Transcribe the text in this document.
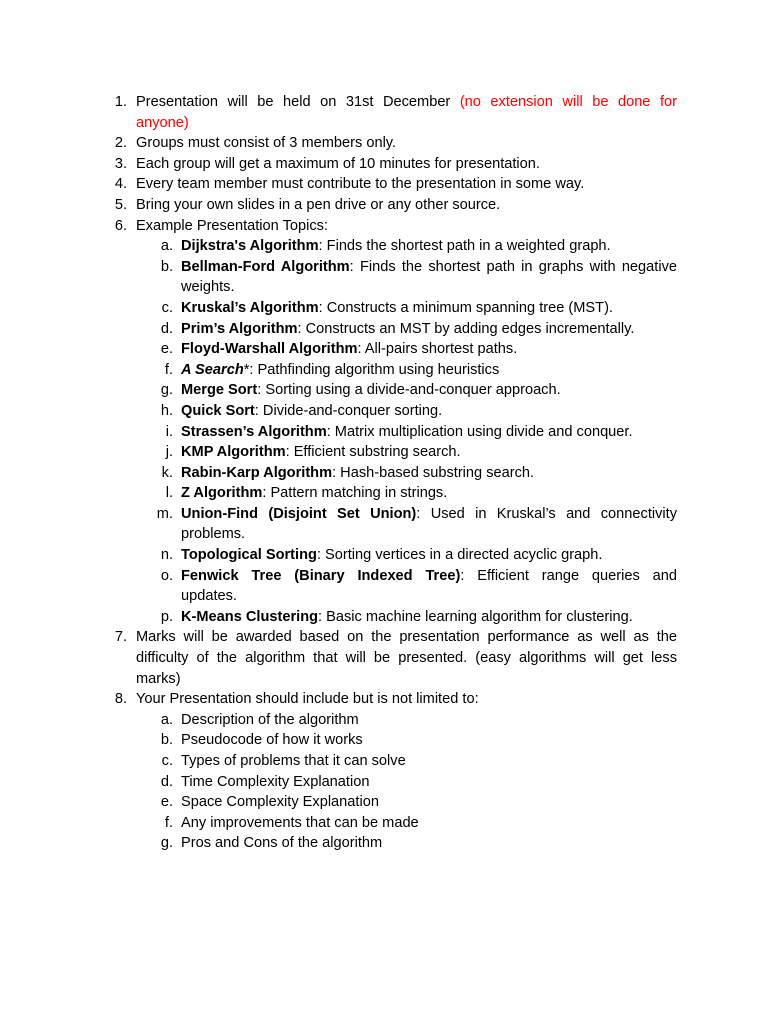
1. Presentation will be held on 31st December (no extension will be done for
anyone)
2. Groups must consist of 3 members only.
3. Each group will get a maximum of 10 minutes for presentation.
4. Every team member must contribute to the presentation in some way.
5. Bring your own slides in a pen drive or any other source.
6. Example Presentation Topics:
a. Dijkstra's Algorithm: Finds the shortest path in a weighted graph.
b. Bellman-Ford Algorithm: Finds the shortest path in graphs with negative
weights.
c. Kruskal’s Algorithm: Constructs a minimum spanning tree (MST).
d. Prim’s Algorithm: Constructs an MST by adding edges incrementally.
e. Floyd-Warshall Algorithm: All-pairs shortest paths.
f. A Search*: Pathfinding algorithm using heuristics
g. Merge Sort: Sorting using a divide-and-conquer approach.
h. Quick Sort: Divide-and-conquer sorting.
i. Strassen’s Algorithm: Matrix multiplication using divide and conquer.
j. KMP Algorithm: Efficient substring search.
k. Rabin-Karp Algorithm: Hash-based substring search.
l. Z Algorithm: Pattern matching in strings.
m. Union-Find (Disjoint Set Union): Used in Kruskal’s and connectivity
problems.
n. Topological Sorting: Sorting vertices in a directed acyclic graph.
o. Fenwick Tree (Binary Indexed Tree): Efficient range queries and
updates.
p. K-Means Clustering: Basic machine learning algorithm for clustering.
7. Marks will be awarded based on the presentation performance as well as the
difficulty of the algorithm that will be presented. (easy algorithms will get less
marks)
8. Your Presentation should include but is not limited to:
a. Description of the algorithm
b. Pseudocode of how it works
c. Types of problems that it can solve
d. Time Complexity Explanation
e. Space Complexity Explanation
f. Any improvements that can be made
g. Pros and Cons of the algorithm
